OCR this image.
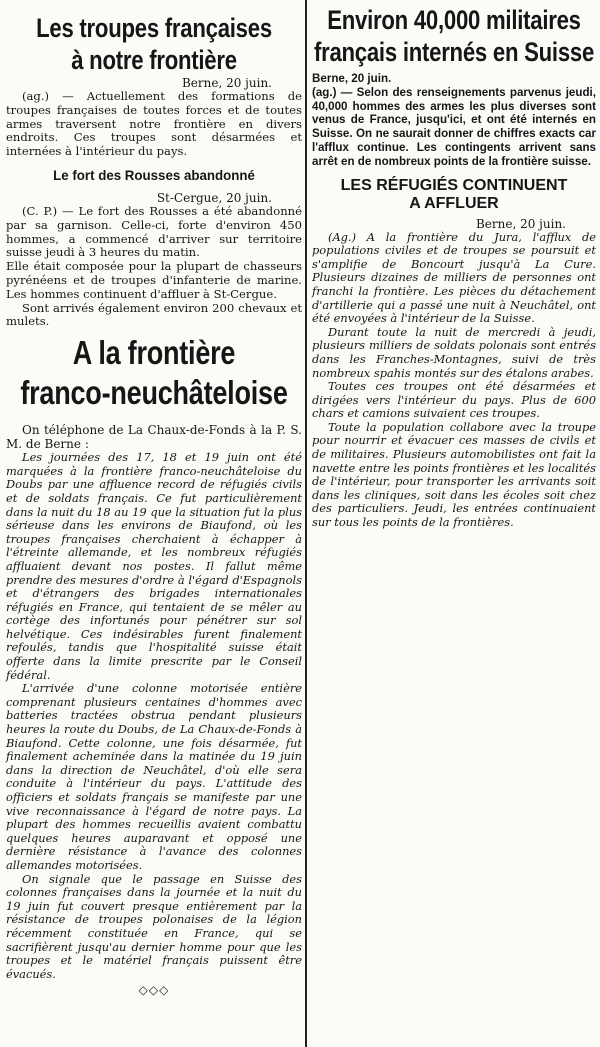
Les troupes françaises
à notre frontière

Berne, 20 juin.

(ag.) — Actuellement des formations de troupes françaises de toutes forces et de toutes armes traversent notre frontière en divers endroits. Ces troupes sont désarmées et internées à l'intérieur du pays.

Le fort des Rousses abandonné

St-Cergue, 20 juin.

(C. P.) — Le fort des Rousses a été abandonné par sa garnison. Celle-ci, forte d'environ 450 hommes, a commencé d'arriver sur territoire suisse jeudi à 3 heures du matin.

Elle était composée pour la plupart de chasseurs pyrénéens et de troupes d'infanterie de marine. Les hommes continuent d'affluer à St-Cergue.

Sont arrivés également environ 200 chevaux et mulets.

A la frontière
franco-neuchâteloise

On téléphone de La Chaux-de-Fonds à la P. S. M. de Berne :

Les journées des 17, 18 et 19 juin ont été marquées à la frontière franco-neuchâteloise du Doubs par une affluence record de réfugiés civils et de soldats français. Ce fut particulièrement dans la nuit du 18 au 19 que la situation fut la plus sérieuse dans les environs de Biaufond, où les troupes françaises cherchaient à échapper à l'étreinte allemande, et les nombreux réfugiés affluaient devant nos postes. Il fallut même prendre des mesures d'ordre à l'égard d'Espagnols et d'étrangers des brigades internationales réfugiés en France, qui tentaient de se mêler au cortège des infortunés pour pénétrer sur sol helvétique. Ces indésirables furent finalement refoulés, tandis que l'hospitalité suisse était offerte dans la limite prescrite par le Conseil fédéral.

L'arrivée d'une colonne motorisée entière comprenant plusieurs centaines d'hommes avec batteries tractées obstrua pendant plusieurs heures la route du Doubs, de La Chaux-de-Fonds à Biaufond. Cette colonne, une fois désarmée, fut finalement acheminée dans la matinée du 19 juin dans la direction de Neuchâtel, d'où elle sera conduite à l'intérieur du pays. L'attitude des officiers et soldats français se manifeste par une vive reconnaissance à l'égard de notre pays. La plupart des hommes recueillis avaient combattu quelques heures auparavant et opposé une dernière résistance à l'avance des colonnes allemandes motorisées.

On signale que le passage en Suisse des colonnes françaises dans la journée et la nuit du 19 juin fut couvert presque entièrement par la résistance de troupes polonaises de la légion récemment constituée en France, qui se sacrifièrent jusqu'au dernier homme pour que les troupes et le matériel français puissent être évacués.

◇◇◇
Environ 40,000 militaires
français internés en Suisse

Berne, 20 juin.

(ag.) — Selon des renseignements parvenus jeudi, 40,000 hommes des armes les plus diverses sont venus de France, jusqu'ici, et ont été internés en Suisse. On ne saurait donner de chiffres exacts car l'afflux continue. Les contingents arrivent sans arrêt en de nombreux points de la frontière suisse.

LES RÉFUGIÉS CONTINUENT
A AFFLUER

Berne, 20 juin.

(Ag.) A la frontière du Jura, l'afflux de populations civiles et de troupes se poursuit et s'amplifie de Boncourt jusqu'à La Cure. Plusieurs dizaines de milliers de personnes ont franchi la frontière. Les pièces du détachement d'artillerie qui a passé une nuit à Neuchâtel, ont été envoyées à l'intérieur de la Suisse.

Durant toute la nuit de mercredi à jeudi, plusieurs milliers de soldats polonais sont entrés dans les Franches-Montagnes, suivi de très nombreux spahis montés sur des étalons arabes.

Toutes ces troupes ont été désarmées et dirigées vers l'intérieur du pays. Plus de 600 chars et camions suivaient ces troupes.

Toute la population collabore avec la troupe pour nourrir et évacuer ces masses de civils et de militaires. Plusieurs automobilistes ont fait la navette entre les points frontières et les localités de l'intérieur, pour transporter les arrivants soit dans les cliniques, soit dans les écoles soit chez des particuliers. Jeudi, les entrées continuaient sur tous les points de la frontières.
